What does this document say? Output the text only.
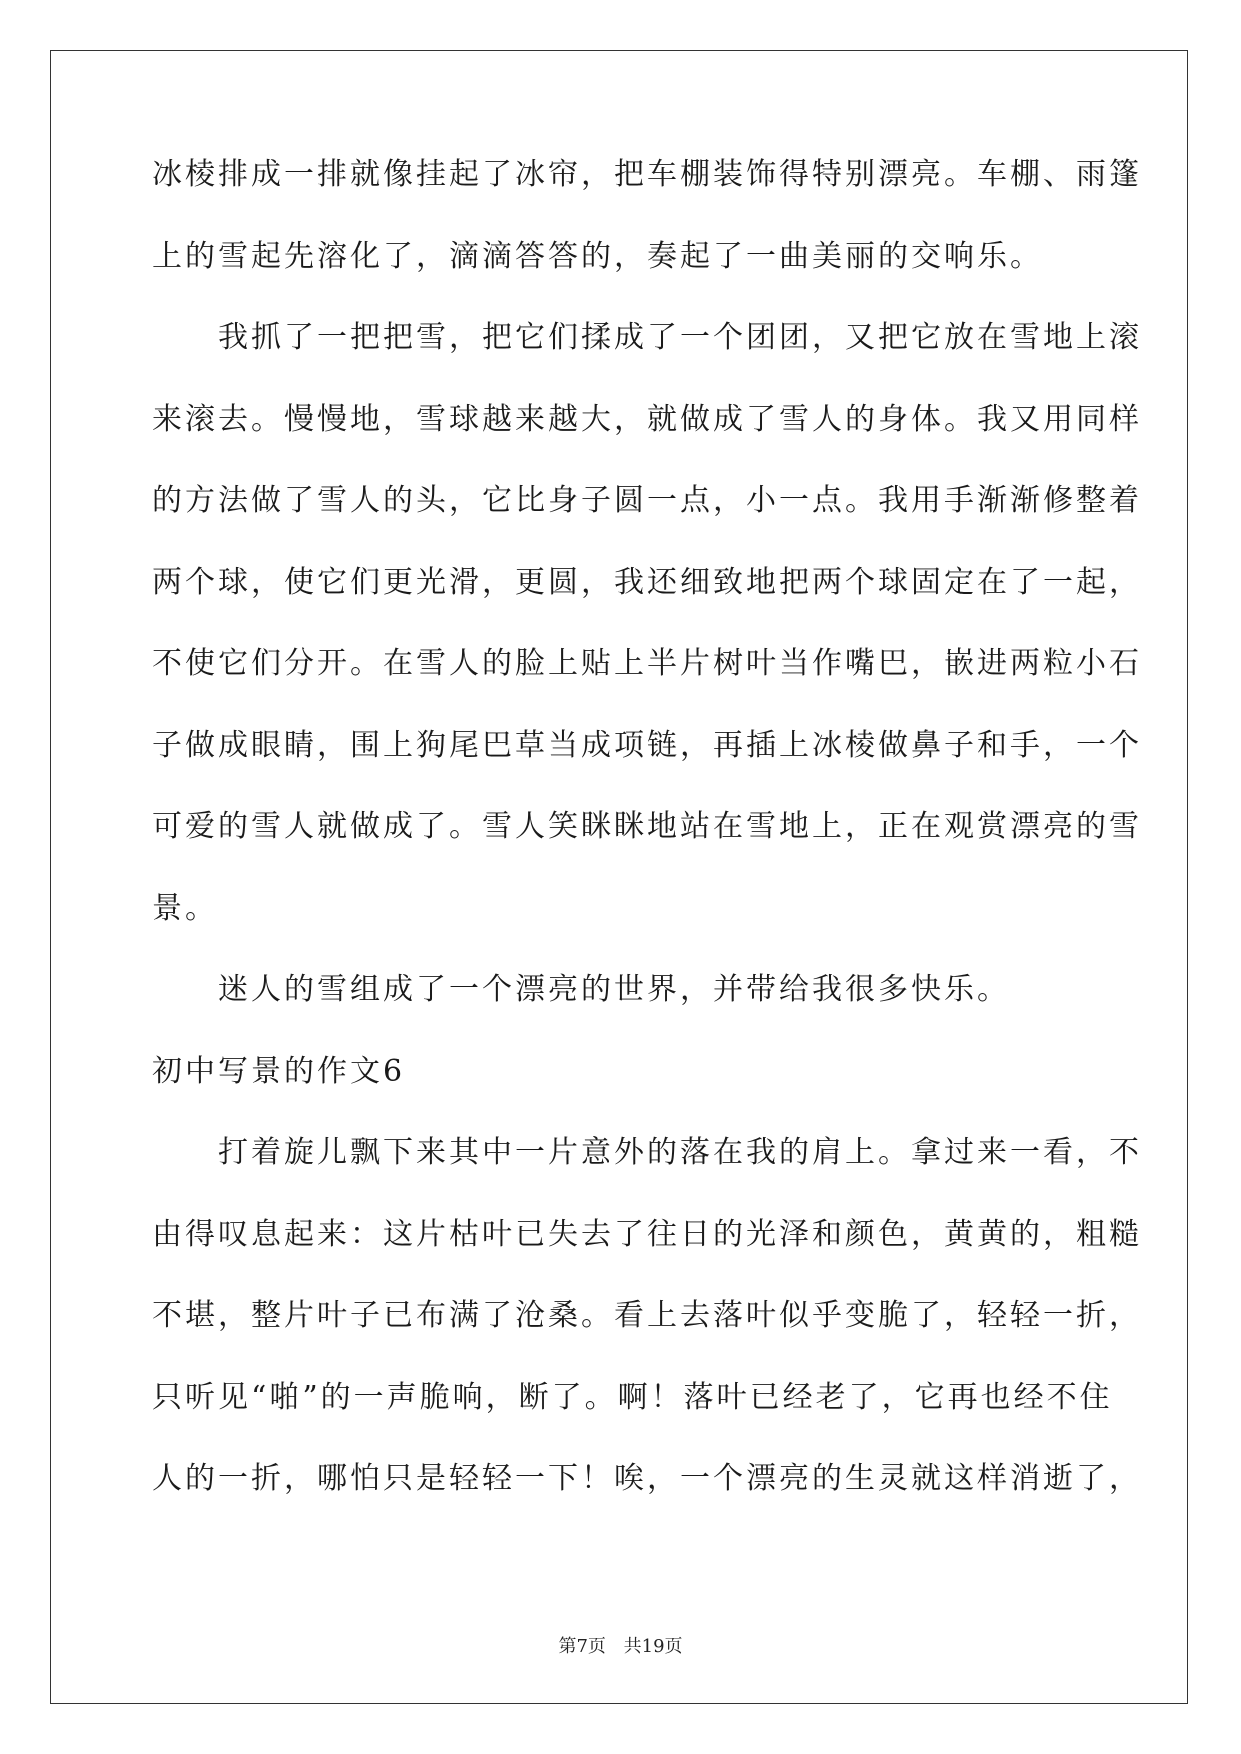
冰棱排成一排就像挂起了冰帘，把车棚装饰得特别漂亮。车棚、雨篷
上的雪起先溶化了，滴滴答答的，奏起了一曲美丽的交响乐。
我抓了一把把雪，把它们揉成了一个团团，又把它放在雪地上滚
来滚去。慢慢地，雪球越来越大，就做成了雪人的身体。我又用同样
的方法做了雪人的头，它比身子圆一点，小一点。我用手渐渐修整着
两个球，使它们更光滑，更圆，我还细致地把两个球固定在了一起，
不使它们分开。在雪人的脸上贴上半片树叶当作嘴巴，嵌进两粒小石
子做成眼睛，围上狗尾巴草当成项链，再插上冰棱做鼻子和手，一个
可爱的雪人就做成了。雪人笑眯眯地站在雪地上，正在观赏漂亮的雪
景。
迷人的雪组成了一个漂亮的世界，并带给我很多快乐。
初中写景的作文6
打着旋儿飘下来其中一片意外的落在我的肩上。拿过来一看，不
由得叹息起来：这片枯叶已失去了往日的光泽和颜色，黄黄的，粗糙
不堪，整片叶子已布满了沧桑。看上去落叶似乎变脆了，轻轻一折，
只听见“啪”的一声脆响，断了。啊！落叶已经老了，它再也经不住
人的一折，哪怕只是轻轻一下！唉，一个漂亮的生灵就这样消逝了，
第7页 共19页
